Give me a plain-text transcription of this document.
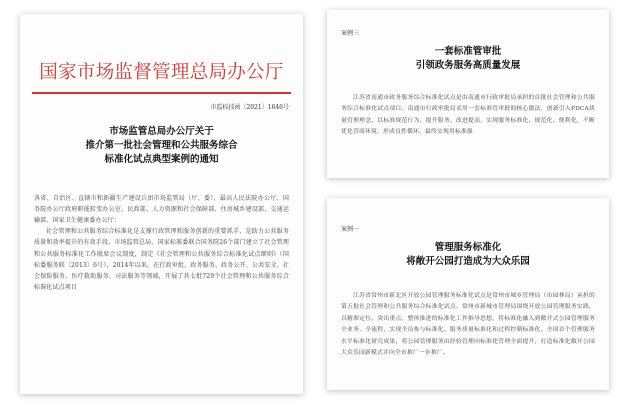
国家市场监督管理总局办公厅
市监标技函〔2021〕1646号
市场监管总局办公厅关于
推介第一批社会管理和公共服务综合
标准化试点典型案例的通知

各省、自治区、直辖市和新疆生产建设兵团市场监管局（厅、委），最高人民法院办公厅、国务院办公厅政府职能转变办公室、民政部、人力资源和社会保障部、住房城乡建设部、交通运输部、国家卫生健康委办公厅：

社会管理和公共服务综合标准化是支撑行政管理和服务创新的重要抓手，是助力公共服务质量和效率提升的有效手段。市场监管总局、国家标准委联合国务院26个部门建立了社会管理和公共服务标准化工作联席会议制度，制定《社会管理和公共服务综合标准化试点细则》（国标委服务联〔2013〕6号），2014年以来，在行政审批、政务服务、政务公开、公共安全、社会保险服务、医疗救助服务、司法服务等领域，开展了共七批729个社会管理和公共服务综合标准化试点项目

案例三
一套标准管审批
引领政务服务高质量发展
江苏省南通市政务服务综合标准化试点是由南通市行政审批局承担的首批社会管理和公共服务综合标准化试点项目。南通市行政审批局采用一套标准管审批的核心做法，创新引入PDCA质量管理理念，以标准规范行为、提升服务、改进提高，实现服务标准化、规范化、便利化，不断优化营商环境，形成良性循环，最终实现用标准强
案例一
管理服务标准化
将敞开公园打造成为大众乐园
江苏省常州市新北区开放公园管理服务标准化试点是常州市城乡管理局（市园林局）承担的第五批社会管理和公共服务综合标准化试点。常州市新城市管理局围绕开放公园管理服务实践，以精准定位、突出重点，整体推进的标准化工作指导思想，将标准化融入到敞开式公园管理服务全业务、全流程，实现全员参与标准化。服务质量标准化和过程控制标准化。全国首个管理服务水平标准化研究成果，将公园管理服务由经验管理向标准化管理全面提升，打造标准化敞开公园大众乐园新模式并向全市推广一步推广。
